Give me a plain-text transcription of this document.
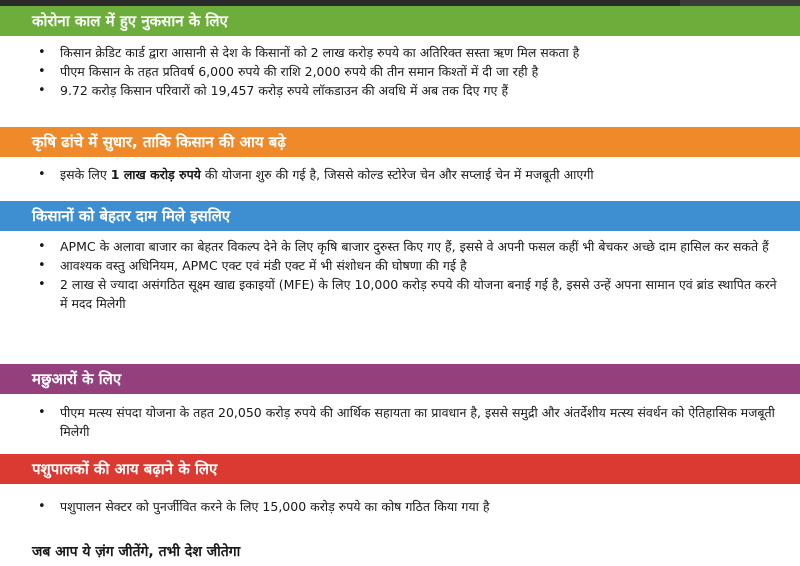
कोरोना काल में हुए नुकसान के लिए
• किसान क्रेडिट कार्ड द्वारा आसानी से देश के किसानों को 2 लाख करोड़ रुपये का अतिरिक्त सस्ता ऋण मिल सकता है
• पीएम किसान के तहत प्रतिवर्ष 6,000 रुपये की राशि 2,000 रुपये की तीन समान किश्तों में दी जा रही है
• 9.72 करोड़ किसान परिवारों को 19,457 करोड़ रुपये लॉकडाउन की अवधि में अब तक दिए गए हैं
कृषि ढांचे में सुधार, ताकि किसान की आय बढ़े
• इसके लिए 1 लाख करोड़ रुपये की योजना शुरु की गई है, जिससे कोल्ड स्टोरेज चेन और सप्लाई चेन में मजबूती आएगी
किसानों को बेहतर दाम मिले इसलिए
• APMC के अलावा बाजार का बेहतर विकल्प देने के लिए कृषि बाजार दुरुस्त किए गए हैं, इससे वे अपनी फसल कहीं भी बेचकर अच्छे दाम हासिल कर सकते हैं
• आवश्यक वस्तु अधिनियम, APMC एक्ट एवं मंडी एक्ट में भी संशोधन की घोषणा की गई है
• 2 लाख से ज्यादा असंगठित सूक्ष्म खाद्य इकाइयों (MFE) के लिए 10,000 करोड़ रुपये की योजना बनाई गई है, इससे उन्हें अपना सामान एवं ब्रांड स्थापित करने में मदद मिलेगी
मछुआरों के लिए
• पीएम मत्स्य संपदा योजना के तहत 20,050 करोड़ रुपये की आर्थिक सहायता का प्रावधान है, इससे समुद्री और अंतर्देशीय मत्स्य संवर्धन को ऐतिहासिक मजबूती मिलेगी
पशुपालकों की आय बढ़ाने के लिए
• पशुपालन सेक्टर को पुनर्जीवित करने के लिए 15,000 करोड़ रुपये का कोष गठित किया गया है
जब आप ये ज़ंग जीतेंगे, तभी देश जीतेगा
